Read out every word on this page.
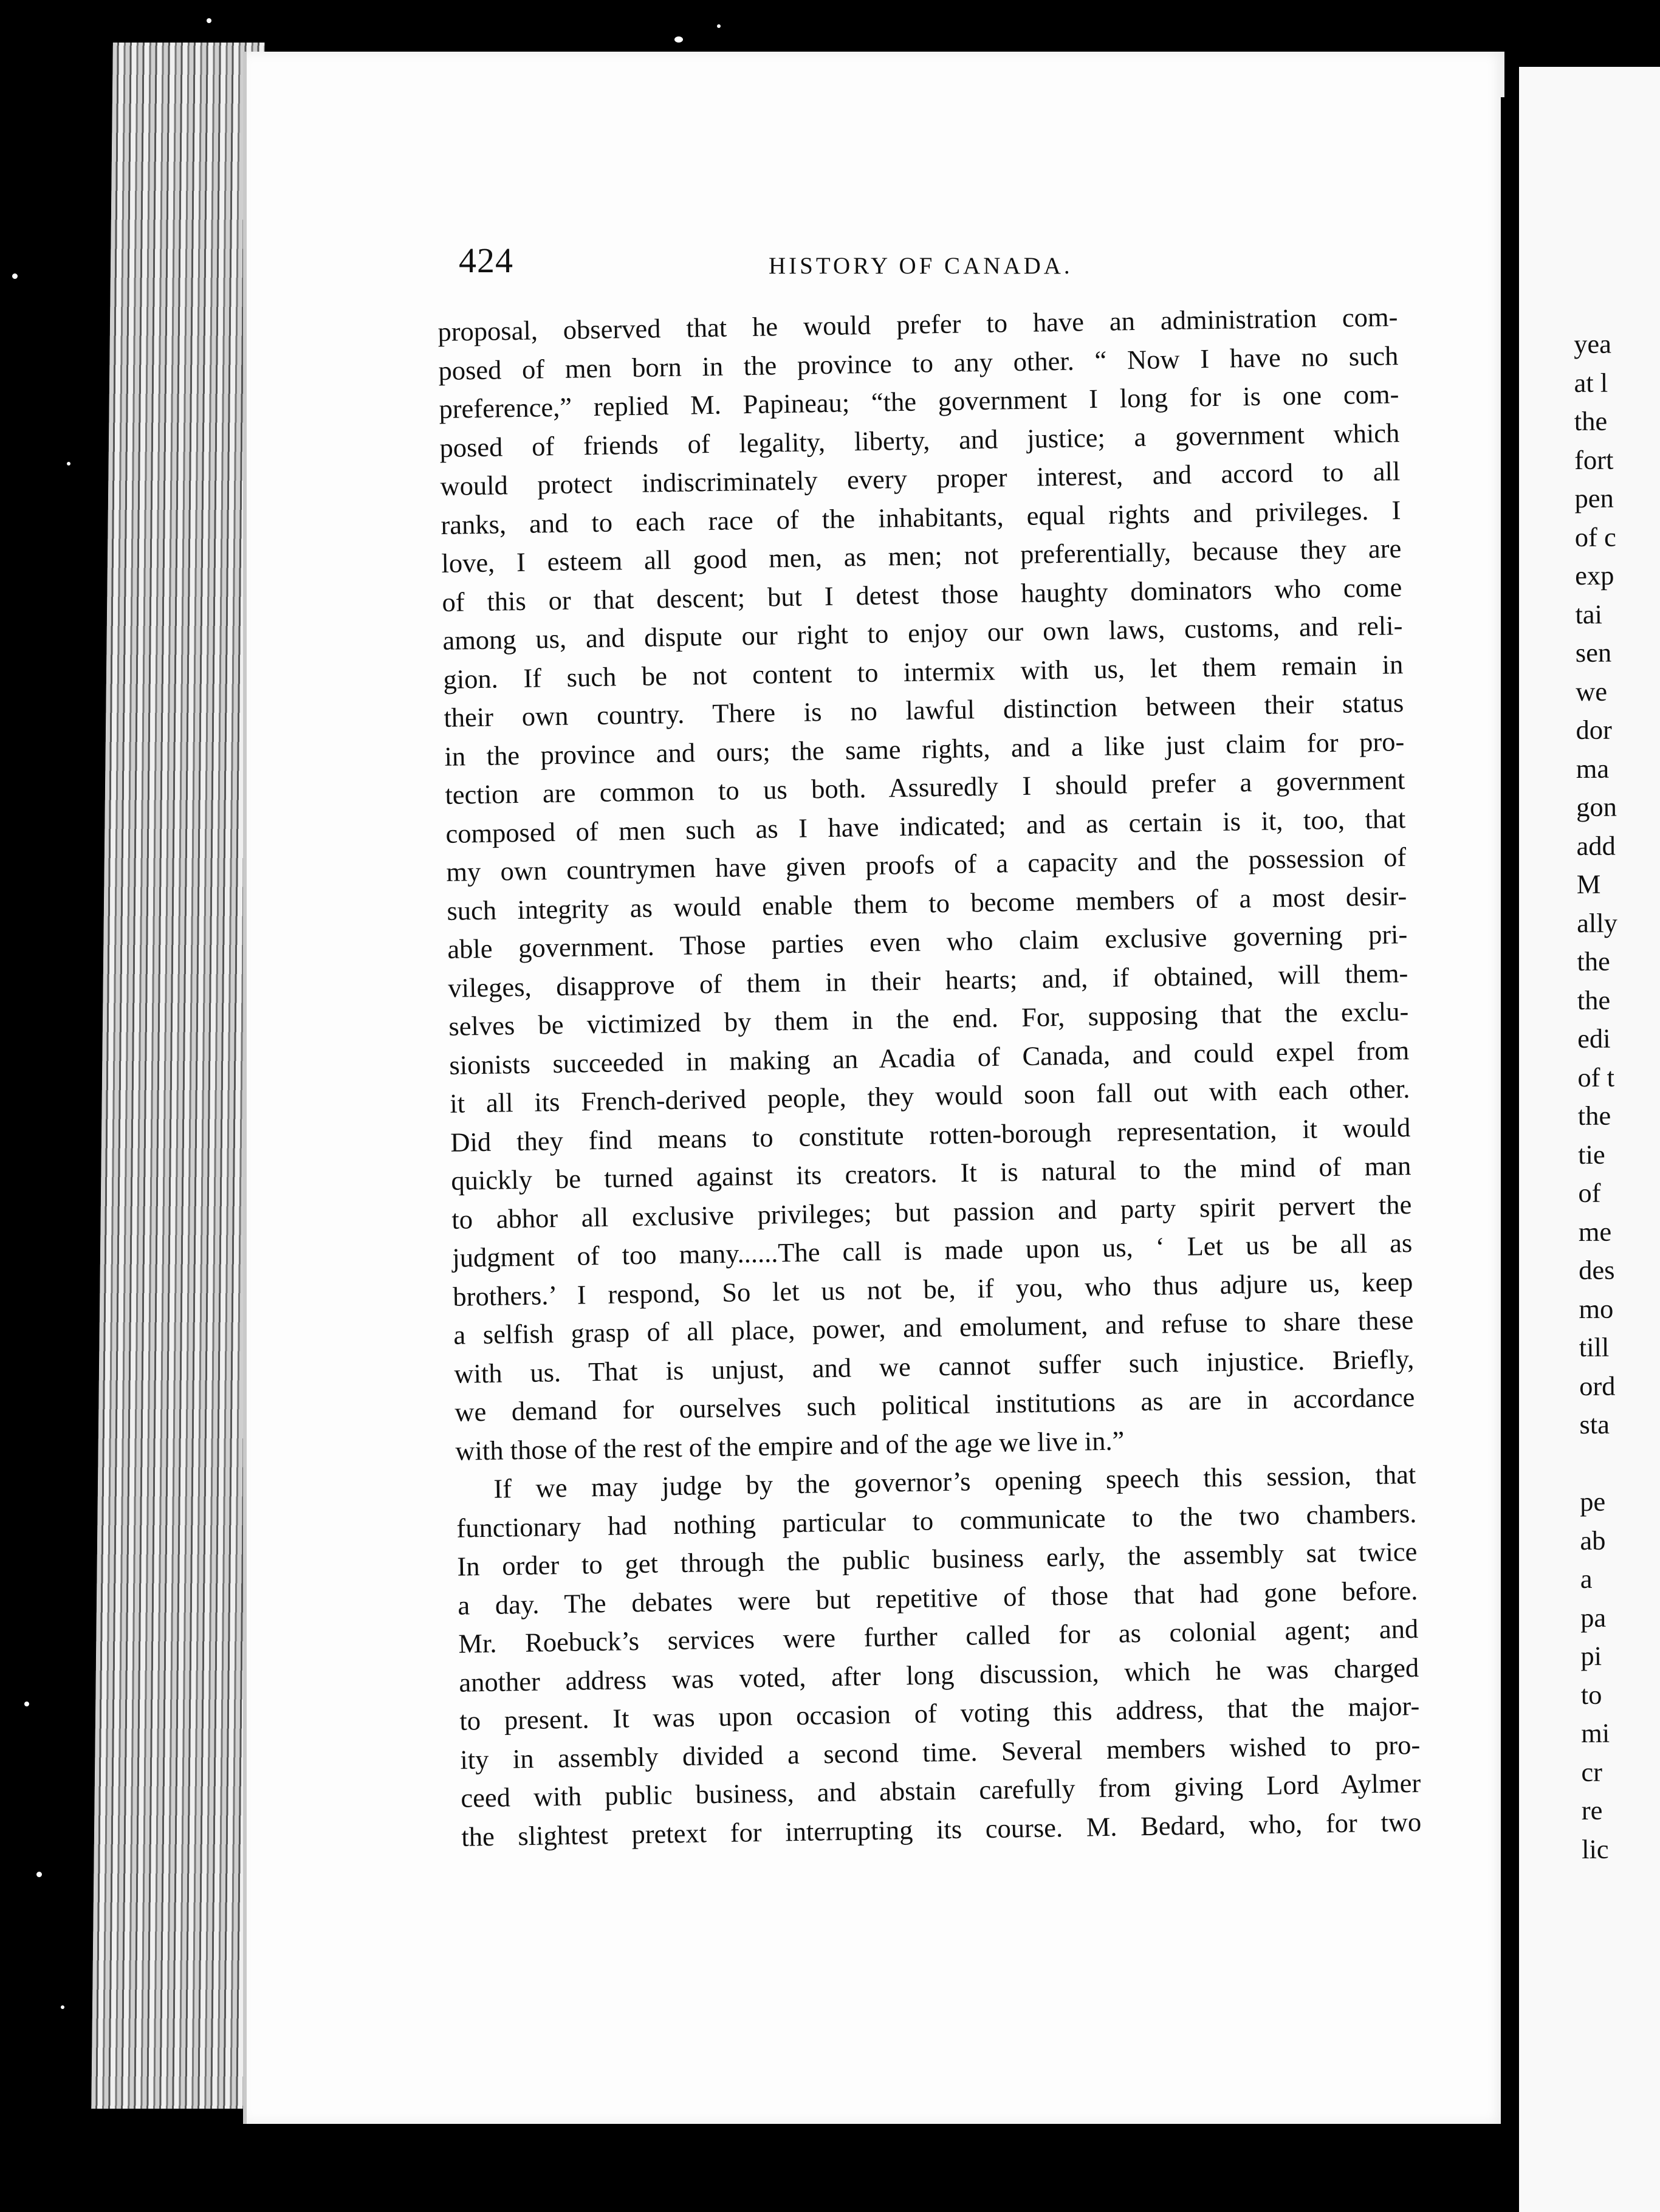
424	HISTORY OF CANADA.
proposal, observed that he would prefer to have an administration com-
posed of men born in the province to any other. “ Now I have no such
preference,” replied M. Papineau; “the government I long for is one com-
posed of friends of legality, liberty, and justice; a government which
would protect indiscriminately every proper interest, and accord to all
ranks, and to each race of the inhabitants, equal rights and privileges. I
love, I esteem all good men, as men; not preferentially, because they are
of this or that descent; but I detest those haughty dominators who come
among us, and dispute our right to enjoy our own laws, customs, and reli-
gion. If such be not content to intermix with us, let them remain in
their own country. There is no lawful distinction between their status
in the province and ours; the same rights, and a like just claim for pro-
tection are common to us both. Assuredly I should prefer a government
composed of men such as I have indicated; and as certain is it, too, that
my own countrymen have given proofs of a capacity and the possession of
such integrity as would enable them to become members of a most desir-
able government. Those parties even who claim exclusive governing pri-
vileges, disapprove of them in their hearts; and, if obtained, will them-
selves be victimized by them in the end. For, supposing that the exclu-
sionists succeeded in making an Acadia of Canada, and could expel from
it all its French-derived people, they would soon fall out with each other.
Did they find means to constitute rotten-borough representation, it would
quickly be turned against its creators. It is natural to the mind of man
to abhor all exclusive privileges; but passion and party spirit pervert the
judgment of too many......The call is made upon us, ‘ Let us be all as
brothers.’ I respond, So let us not be, if you, who thus adjure us, keep
a selfish grasp of all place, power, and emolument, and refuse to share these
with us. That is unjust, and we cannot suffer such injustice. Briefly,
we demand for ourselves such political institutions as are in accordance
with those of the rest of the empire and of the age we live in.”
If we may judge by the governor’s opening speech this session, that
functionary had nothing particular to communicate to the two chambers.
In order to get through the public business early, the assembly sat twice
a day. The debates were but repetitive of those that had gone before.
Mr. Roebuck’s services were further called for as colonial agent; and
another address was voted, after long discussion, which he was charged
to present. It was upon occasion of voting this address, that the major-
ity in assembly divided a second time. Several members wished to pro-
ceed with public business, and abstain carefully from giving Lord Aylmer
the slightest pretext for interrupting its course. M. Bedard, who, for two
yea
at l
the
fort
pen
of c
exp
tai
sen
we
dor
ma
gon
add
M
ally
the
the
edi
of t
the
tie
of
me
des
mo
till
ord
sta
pe
ab
a
pa
pi
to
mi
cr
re
lic
